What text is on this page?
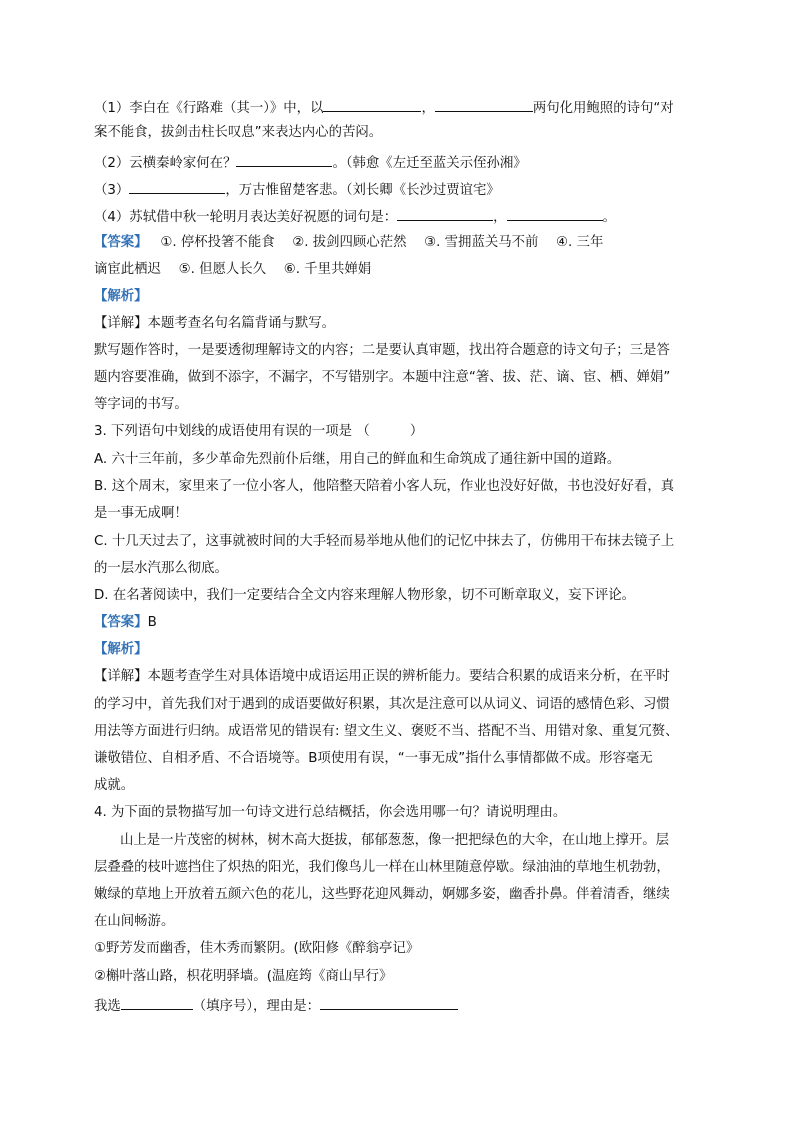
（1）李白在《行路难（其一）》中，以	，	两句化用鲍照的诗句“对
案不能食，拔剑击柱长叹息”来表达内心的苦闷。
（2）云横秦岭家何在？	。（韩愈《左迁至蓝关示侄孙湘》
（3）	，万古惟留楚客悲。（刘长卿《长沙过贾谊宅》
（4）苏轼借中秋一轮明月表达美好祝愿的词句是：	，	。
【答案】 ①. 停杯投箸不能食　 ②. 拔剑四顾心茫然　 ③. 雪拥蓝关马不前　 ④. 三年
谪宦此栖迟　 ⑤. 但愿人长久　 ⑥. 千里共婵娟
【解析】
【详解】本题考查名句名篇背诵与默写。
默写题作答时，一是要透彻理解诗文的内容；二是要认真审题，找出符合题意的诗文句子；三是答
题内容要准确，做到不添字，不漏字，不写错别字。本题中注意“箸、拔、茫、谪、宦、栖、婵娟”
等字词的书写。
3. 下列语句中划线的成语使用有误的一项是 （　　　）
A. 六十三年前，多少革命先烈前仆后继，用自己的鲜血和生命筑成了通往新中国的道路。
B. 这个周末，家里来了一位小客人，他陪整天陪着小客人玩，作业也没好好做，书也没好好看，真
是一事无成啊！
C. 十几天过去了，这事就被时间的大手轻而易举地从他们的记忆中抹去了，仿佛用干布抹去镜子上
的一层水汽那么彻底。
D. 在名著阅读中，我们一定要结合全文内容来理解人物形象，切不可断章取义，妄下评论。
【答案】B
【解析】
【详解】本题考查学生对具体语境中成语运用正误的辨析能力。要结合积累的成语来分析，在平时
的学习中，首先我们对于遇到的成语要做好积累，其次是注意可以从词义、词语的感情色彩、习惯
用法等方面进行归纳。成语常见的错误有: 望文生义、褒贬不当、搭配不当、用错对象、重复冗赘、
谦敬错位、自相矛盾、不合语境等。B项使用有误，“一事无成”指什么事情都做不成。形容毫无
成就。
4. 为下面的景物描写加一句诗文进行总结概括，你会选用哪一句？请说明理由。
山上是一片茂密的树林，树木高大挺拔，郁郁葱葱，像一把把绿色的大伞，在山地上撑开。层
层叠叠的枝叶遮挡住了炽热的阳光，我们像鸟儿一样在山林里随意停歇。绿油油的草地生机勃勃，
嫩绿的草地上开放着五颜六色的花儿，这些野花迎风舞动，婀娜多姿，幽香扑鼻。伴着清香，继续
在山间畅游。
①野芳发而幽香，佳木秀而繁阴。(欧阳修《醉翁亭记》
②槲叶落山路，枳花明驿墙。(温庭筠《商山早行》
我选	（填序号），理由是：
